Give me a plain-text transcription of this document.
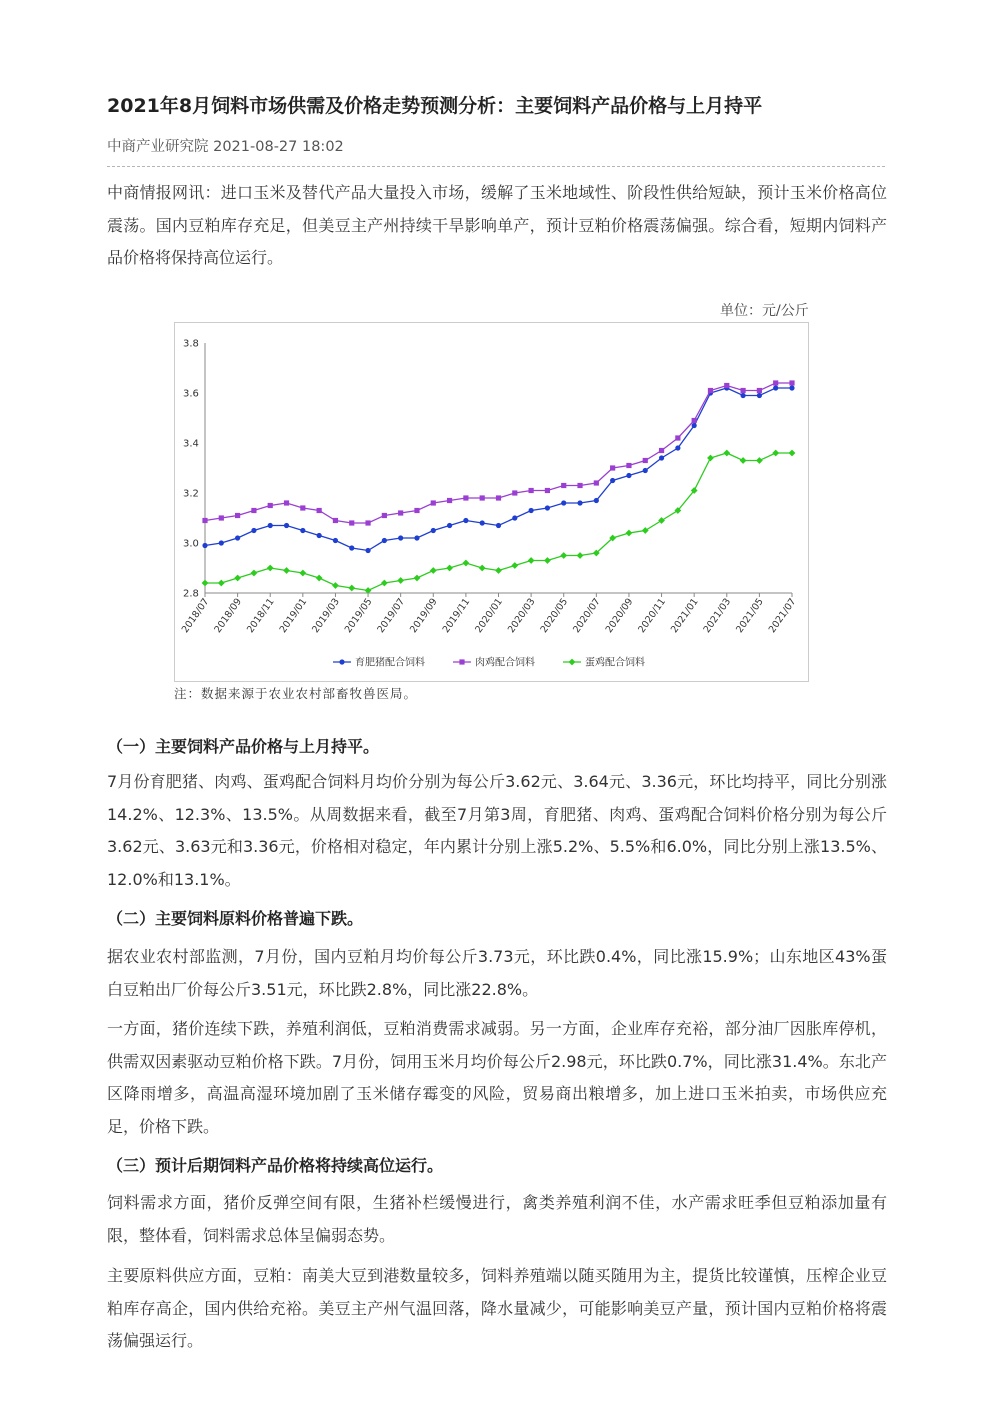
2021年8月饲料市场供需及价格走势预测分析：主要饲料产品价格与上月持平
中商产业研究院 2021-08-27 18:02

中商情报网讯：进口玉米及替代产品大量投入市场，缓解了玉米地域性、阶段性供给短缺，预计玉米价格高位震荡。国内豆粕库存充足，但美豆主产州持续干旱影响单产，预计豆粕价格震荡偏强。综合看，短期内饲料产品价格将保持高位运行。

单位：元/公斤
2.8
3.0
3.2
3.4
3.6
3.8
2018/07 2018/09 2018/11 2019/01 2019/03 2019/05 2019/07 2019/09 2019/11 2020/01 2020/03 2020/05 2020/07 2020/09 2020/11 2021/01 2021/03 2021/05 2021/07
育肥猪配合饲料	肉鸡配合饲料	蛋鸡配合饲料
注：数据来源于农业农村部畜牧兽医局。
（一）主要饲料产品价格与上月持平。

7月份育肥猪、肉鸡、蛋鸡配合饲料月均价分别为每公斤3.62元、3.64元、3.36元，环比均持平，同比分别涨14.2%、12.3%、13.5%。从周数据来看，截至7月第3周，育肥猪、肉鸡、蛋鸡配合饲料价格分别为每公斤3.62元、3.63元和3.36元，价格相对稳定，年内累计分别上涨5.2%、5.5%和6.0%，同比分别上涨13.5%、12.0%和13.1%。

（二）主要饲料原料价格普遍下跌。

据农业农村部监测，7月份，国内豆粕月均价每公斤3.73元，环比跌0.4%，同比涨15.9%；山东地区43%蛋白豆粕出厂价每公斤3.51元，环比跌2.8%，同比涨22.8%。

一方面，猪价连续下跌，养殖利润低，豆粕消费需求减弱。另一方面，企业库存充裕，部分油厂因胀库停机，供需双因素驱动豆粕价格下跌。7月份，饲用玉米月均价每公斤2.98元，环比跌0.7%，同比涨31.4%。东北产区降雨增多，高温高湿环境加剧了玉米储存霉变的风险，贸易商出粮增多，加上进口玉米拍卖，市场供应充足，价格下跌。

（三）预计后期饲料产品价格将持续高位运行。

饲料需求方面，猪价反弹空间有限，生猪补栏缓慢进行，禽类养殖利润不佳，水产需求旺季但豆粕添加量有限，整体看，饲料需求总体呈偏弱态势。

主要原料供应方面，豆粕：南美大豆到港数量较多，饲料养殖端以随买随用为主，提货比较谨慎，压榨企业豆粕库存高企，国内供给充裕。美豆主产州气温回落，降水量减少，可能影响美豆产量，预计国内豆粕价格将震荡偏强运行。
